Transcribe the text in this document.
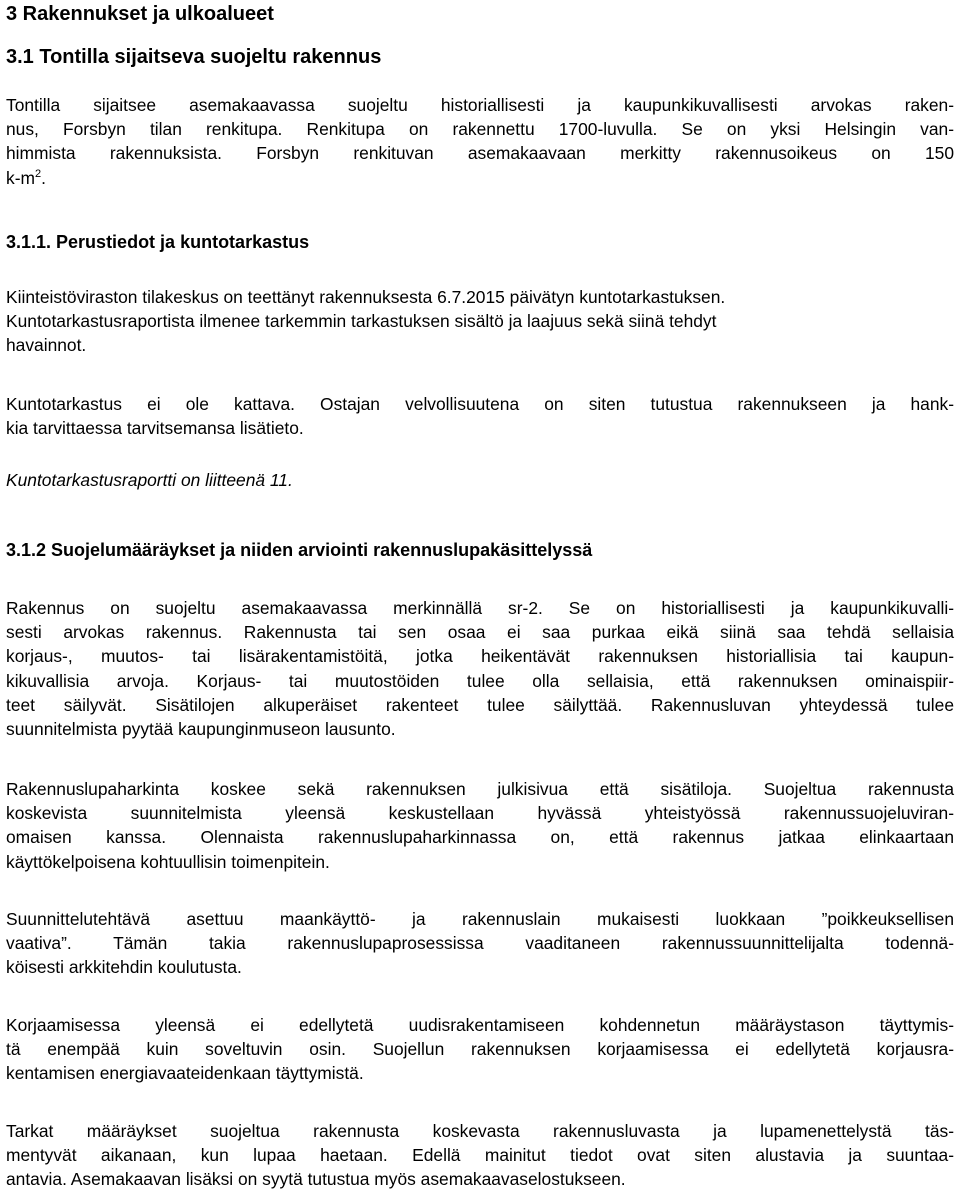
3 Rakennukset ja ulkoalueet
3.1 Tontilla sijaitseva suojeltu rakennus
Tontilla sijaitsee asemakaavassa suojeltu historiallisesti ja kaupunkikuvallisesti arvokas raken-
nus, Forsbyn tilan renkitupa. Renkitupa on rakennettu 1700-luvulla. Se on yksi Helsingin van-
himmista rakennuksista. Forsbyn renkituvan asemakaavaan merkitty rakennusoikeus on 150
$k-m^2$.
3.1.1. Perustiedot ja kuntotarkastus
Kiinteistöviraston tilakeskus on teettänyt rakennuksesta 6.7.2015 päivätyn kuntotarkastuksen.
Kuntotarkastusraportista ilmenee tarkemmin tarkastuksen sisältö ja laajuus sekä siinä tehdyt
havainnot.
Kuntotarkastus ei ole kattava. Ostajan velvollisuutena on siten tutustua rakennukseen ja hank-
kia tarvittaessa tarvitsemansa lisätieto.
Kuntotarkastusraportti on liitteenä 11.
3.1.2 Suojelumääräykset ja niiden arviointi rakennuslupakäsittelyssä
Rakennus on suojeltu asemakaavassa merkinnällä sr-2. Se on historiallisesti ja kaupunkikuvalli-
sesti arvokas rakennus. Rakennusta tai sen osaa ei saa purkaa eikä siinä saa tehdä sellaisia
korjaus-, muutos- tai lisärakentamistöitä, jotka heikentävät rakennuksen historiallisia tai kaupun-
kikuvallisia arvoja. Korjaus- tai muutostöiden tulee olla sellaisia, että rakennuksen ominaispiir-
teet säilyvät. Sisätilojen alkuperäiset rakenteet tulee säilyttää. Rakennusluvan yhteydessä tulee
suunnitelmista pyytää kaupunginmuseon lausunto.
Rakennuslupaharkinta koskee sekä rakennuksen julkisivua että sisätiloja. Suojeltua rakennusta
koskevista suunnitelmista yleensä keskustellaan hyvässä yhteistyössä rakennussuojeluviran-
omaisen kanssa. Olennaista rakennuslupaharkinnassa on, että rakennus jatkaa elinkaartaan
käyttökelpoisena kohtuullisin toimenpitein.
Suunnittelutehtävä asettuu maankäyttö- ja rakennuslain mukaisesti luokkaan ”poikkeuksellisen
vaativa”. Tämän takia rakennuslupaprosessissa vaaditaneen rakennussuunnittelijalta todennä-
köisesti arkkitehdin koulutusta.
Korjaamisessa yleensä ei edellytetä uudisrakentamiseen kohdennetun määräystason täyttymis-
tä enempää kuin soveltuvin osin. Suojellun rakennuksen korjaamisessa ei edellytetä korjausra-
kentamisen energiavaateidenkaan täyttymistä.
Tarkat määräykset suojeltua rakennusta koskevasta rakennusluvasta ja lupamenettelystä täs-
mentyvät aikanaan, kun lupaa haetaan. Edellä mainitut tiedot ovat siten alustavia ja suuntaa-
antavia. Asemakaavan lisäksi on syytä tutustua myös asemakaavaselostukseen.
